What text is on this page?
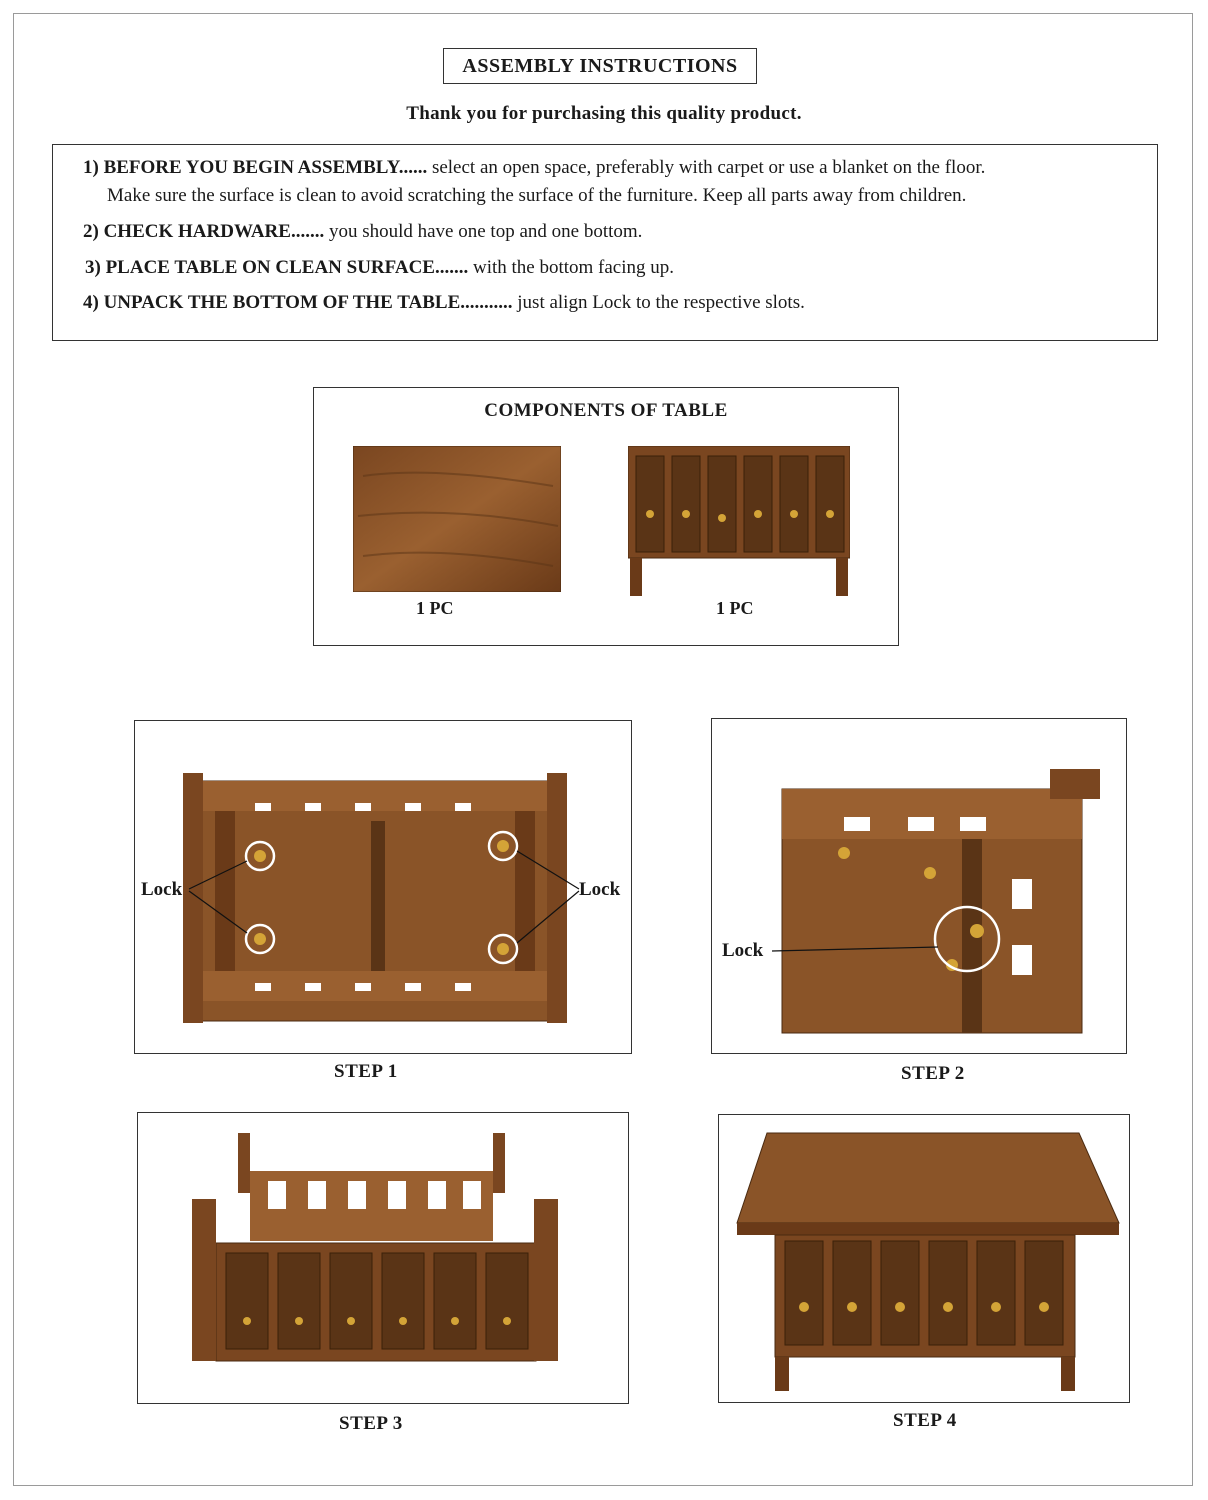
ASSEMBLY INSTRUCTIONS
Thank you for purchasing this quality product.
1) BEFORE YOU BEGIN ASSEMBLY...... select an open space, preferably with carpet or use a blanket on the floor.
Make sure the surface is clean to avoid scratching the surface of the furniture. Keep all parts away from children.
2) CHECK HARDWARE....... you should have one top and one bottom.
3) PLACE TABLE ON CLEAN SURFACE....... with the bottom facing up.
4) UNPACK THE BOTTOM OF THE TABLE........... just align Lock to the respective slots.
COMPONENTS OF TABLE
1 PC	1 PC
Lock	Lock
STEP 1
Lock
STEP 2
STEP 3	STEP 4
